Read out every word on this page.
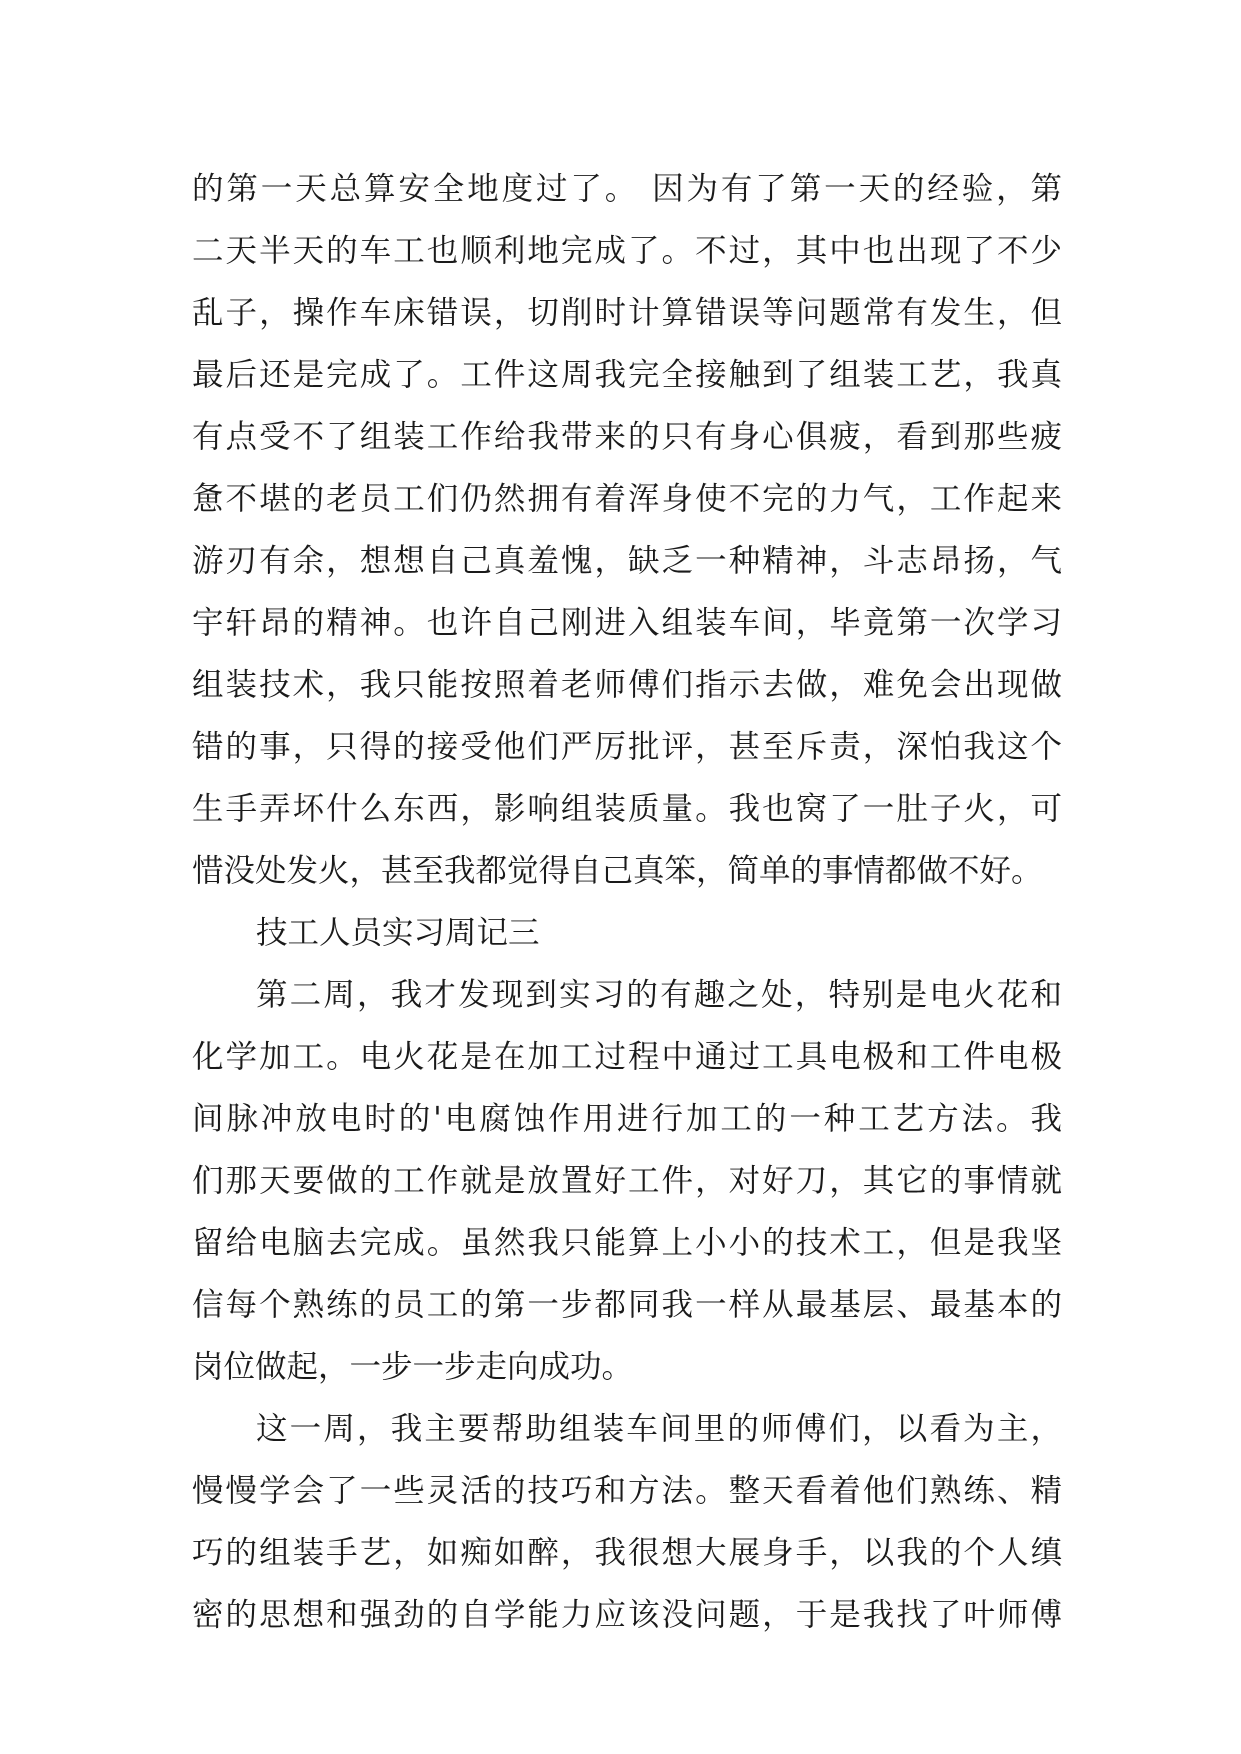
的第一天总算安全地度过了。 因为有了第一天的经验，第
二天半天的车工也顺利地完成了。不过，其中也出现了不少
乱子，操作车床错误，切削时计算错误等问题常有发生，但
最后还是完成了。工件这周我完全接触到了组装工艺，我真
有点受不了组装工作给我带来的只有身心俱疲，看到那些疲
惫不堪的老员工们仍然拥有着浑身使不完的力气，工作起来
游刃有余，想想自己真羞愧，缺乏一种精神，斗志昂扬，气
宇轩昂的精神。也许自己刚进入组装车间，毕竟第一次学习
组装技术，我只能按照着老师傅们指示去做，难免会出现做
错的事，只得的接受他们严厉批评，甚至斥责，深怕我这个
生手弄坏什么东西，影响组装质量。我也窝了一肚子火，可
惜没处发火，甚至我都觉得自己真笨，简单的事情都做不好。
技工人员实习周记三
第二周，我才发现到实习的有趣之处，特别是电火花和
化学加工。电火花是在加工过程中通过工具电极和工件电极
间脉冲放电时的'电腐蚀作用进行加工的一种工艺方法。我
们那天要做的工作就是放置好工件，对好刀，其它的事情就
留给电脑去完成。虽然我只能算上小小的技术工，但是我坚
信每个熟练的员工的第一步都同我一样从最基层、最基本的
岗位做起，一步一步走向成功。
这一周，我主要帮助组装车间里的师傅们，以看为主，
慢慢学会了一些灵活的技巧和方法。整天看着他们熟练、精
巧的组装手艺，如痴如醉，我很想大展身手，以我的个人缜
密的思想和强劲的自学能力应该没问题，于是我找了叶师傅
